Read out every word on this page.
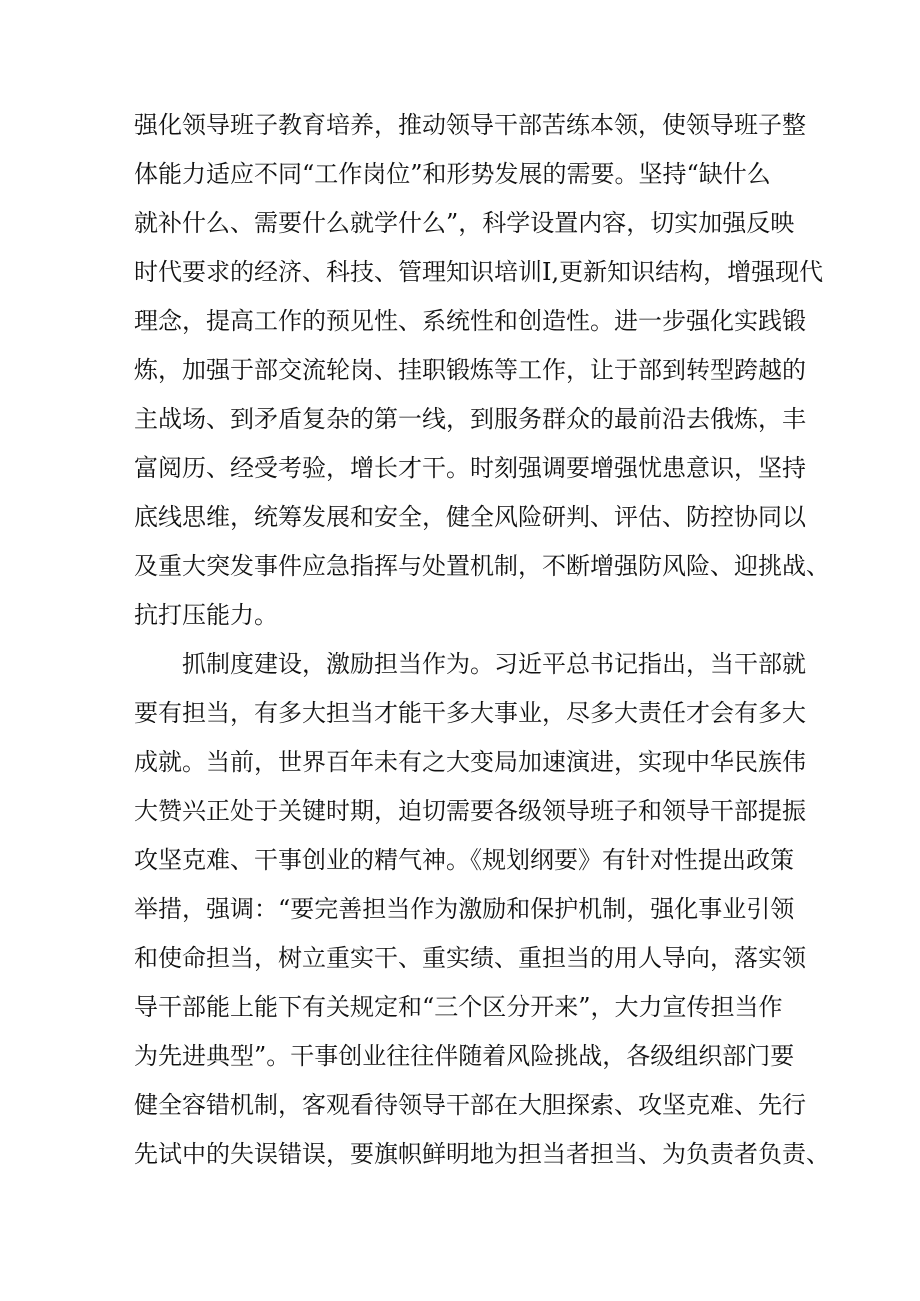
强化领导班子教育培养，推动领导干部苦练本领，使领导班子整
体能力适应不同“工作岗位”和形势发展的需要。坚持“缺什么
就补什么、需要什么就学什么”，科学设置内容，切实加强反映
时代要求的经济、科技、管理知识培训I,更新知识结构，增强现代
理念，提高工作的预见性、系统性和创造性。进一步强化实践锻
炼，加强于部交流轮岗、挂职锻炼等工作，让于部到转型跨越的
主战场、到矛盾复杂的第一线，到服务群众的最前沿去俄炼，丰
富阅历、经受考验，增长才干。时刻强调要增强忧患意识，坚持
底线思维，统筹发展和安全，健全风险研判、评估、防控协同以
及重大突发事件应急指挥与处置机制，不断增强防风险、迎挑战、
抗打压能力。
抓制度建设，激励担当作为。习近平总书记指出，当干部就
要有担当，有多大担当才能干多大事业，尽多大责任才会有多大
成就。当前，世界百年未有之大变局加速演进，实现中华民族伟
大赞兴正处于关键时期，迫切需要各级领导班子和领导干部提振
攻坚克难、干事创业的精气神。《规划纲要》有针对性提出政策
举措，强调：“要完善担当作为激励和保护机制，强化事业引领
和使命担当，树立重实干、重实绩、重担当的用人导向，落实领
导干部能上能下有关规定和“三个区分开来”，大力宣传担当作
为先进典型”。干事创业往往伴随着风险挑战，各级组织部门要
健全容错机制，客观看待领导干部在大胆探索、攻坚克难、先行
先试中的失误错误，要旗帜鲜明地为担当者担当、为负责者负责、
